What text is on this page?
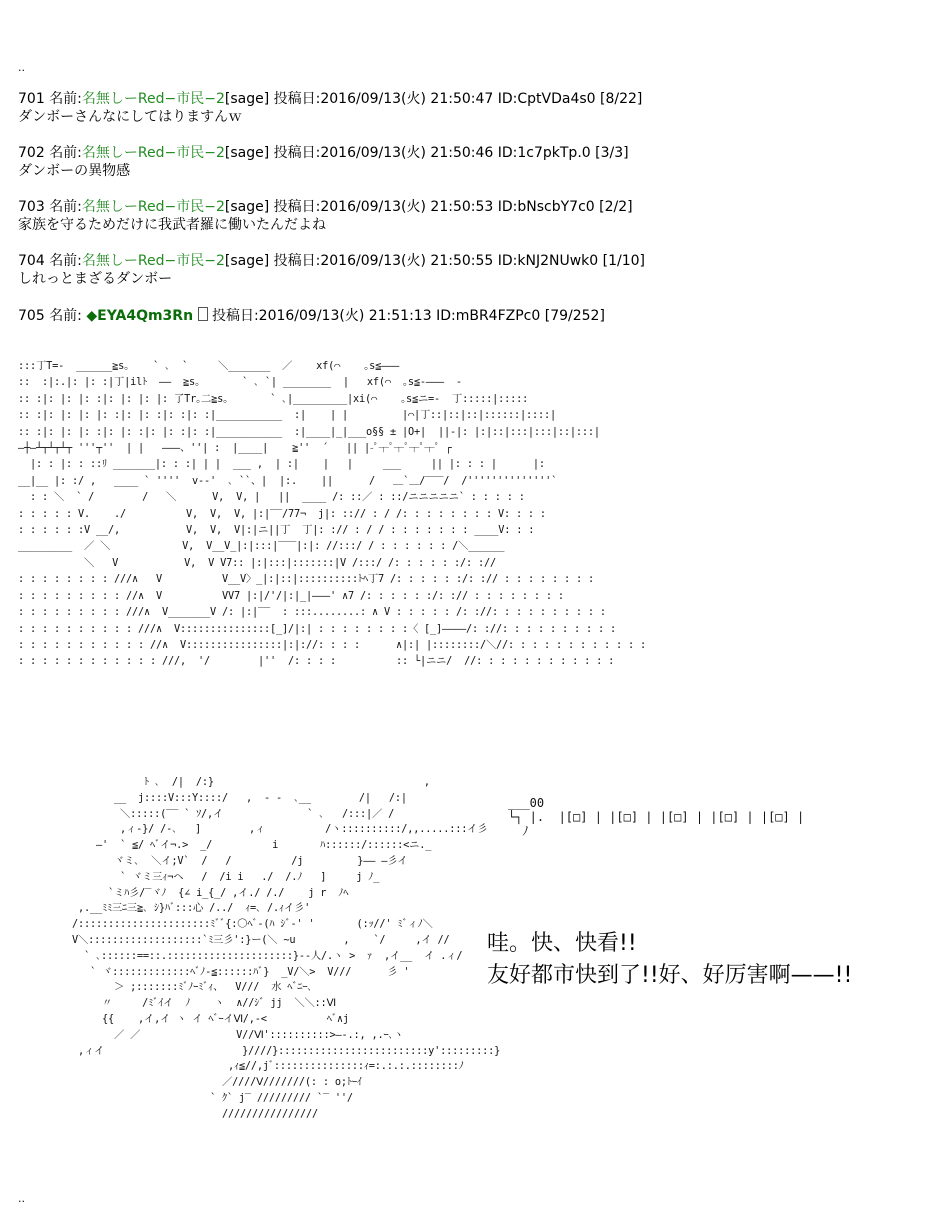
..
701 名前:名無しーRed−市民−2[sage] 投稿日:2016/09/13(火) 21:50:47 ID:CptVDa4s0 [8/22]
ダンボーさんなにしてはりますんｗ
702 名前:名無しーRed−市民−2[sage] 投稿日:2016/09/13(火) 21:50:46 ID:1c7pkTp.0 [3/3]
ダンボーの異物感
703 名前:名無しーRed−市民−2[sage] 投稿日:2016/09/13(火) 21:50:53 ID:bNscbY7c0 [2/2]
家族を守るためだけに我武者羅に働いたんだよね
704 名前:名無しーRed−市民−2[sage] 投稿日:2016/09/13(火) 21:50:55 ID:kNJ2NUwk0 [1/10]
しれっとまざるダンボー
705 名前: ◆EYA4Qm3Rn 投稿日:2016/09/13(火) 21:51:13 ID:mBR4FZPc0 [79/252]
:::丁T=-  ______≧s｡    ` ､  `     ＼_______  ／    xf(⌒    ｡s≦―――
::  :|:.|: |: :|丁|ilﾄ  ――  ≧s｡       ` ､ `| ________  |   xf(⌒  ｡s≦-―――  -
:: :|: |: |: :|: |: |: |: 了Tr｡二≧s｡       ` ､|_________|xi(⌒    ｡s≦ニ=-  丁:::::|:::::
:: :|: |: |: |: :|: |: :|: :|: :|___________  :|    | |         |⌒|丁::|::|::|::::::|::::|
:: :|: |: |: :|: |: :|: |: :|: :|___________  :|____|_|___o§§ ± |O+|  ||-|: |:|::|:::|:::|::|:::|
―┼―┴┬┴┬┴┬ '''┬''  | |   ―――、''| :  |____|    ≧''  ´   || |-ﾟ┬ﾟ┬ﾟ┬ﾟ┬ﾟ ┌
|: : |: : ::ﾘ _______|: : :| | |  ___ ,  | :|    |   |     ___     || |: : : |      |:
__|__ |: :/ ,   ____ ` ''''  v--'  ､ ``、|  |:.    ||      /   ＿`＿/‾‾‾/  /''''''''''''''`
: : ＼  ` /        /   ＼      V,  V, |   ||  ____ /: ::／ : ::/ニニニニニ` : : : : :
: : : : : V.    ./          V,  V,  V, |:|‾‾/77¬  j|: ::// : / /: : : : : : : : V: : : :
: : : : : :V __/,           V,  V,  V|:|ニ||丁  丁|: :// : / / : : : : : : : ____V: : :
_________  ／ ＼            V,  V__V_|:|:::|‾‾‾|:|: //:::/ / : : : : : : /＼______
＼   V           V,  V V7:: |:|:::|:::::::|V /:::/ /: : : : : :/: ://
: : : : : : : : ///∧   V          V__V〉_|:|::|::::::::::ﾄﾍ丁7 /: : : : : :/: :// : : : : : : : :
: : : : : : : : : //∧  V          VV7 |:|/'/|:|_|―――' ∧7 /: : : : : :/: :// : : : : : : : :
: : : : : : : : : ///∧  V_______V /: |:|‾‾  : :::........: ∧ V : : : : : /: ://: : : : : : : : : :
: : : : : : : : : : ///∧  V:::::::::::::::[_]/|:| : : : : : : : :〈 [_]――――/: ://: : : : : : : : : :
: : : : : : : : : : : //∧  V::::::::::::::::|:|://: : : :      ∧|:| |::::::::/＼//: : : : : : : : : : : :
: : : : : : : : : : : : ///,  '/        |''  /: : : :          :: └|ニニ/  //: : : : : : : : : : : :
ﾄ ､  /|  /:}                                   ,
__  j::::V:::Y::::/   ,  - -  ､__        /|   /:|
＼:::::(‾‾ ` ｿ/,イ              ` ､   /:::|／ /
,ィ-}/ /-､   ]        ,ィ          /ヽ::::::::::/,,.....:::イ彡
―'  ` ≦/ ﾍﾞイ¬.>  _/          i       ﾊ::::::/::::::<ニ._
ヾミ､  ＼イ;V`  /   /          /j         }―― ―彡イ
` ヾミ三ｨ¬ヘ   /  /i i   ./  /.ﾉ   ]     j ﾉ_
`ミﾊ彡/‾ヾﾉ  {∠ i_{_/ ,イ./ /./    j r  ﾉﾍ
,.__ﾐﾐ三ﾆ三≧､ ｼ}ﾊﾞ:::心 /../  ｨ=､ /.ｨイ彡'
/::::::::::::::::::::::ﾐﾞﾞ{:〇ﾍﾞ-(ﾊ ｼﾞ-' '       (:ｯ//' ﾐﾞィﾉ＼
V＼:::::::::::::::::::`ﾐ三彡':}ー(＼ ~u        ,    `/     ,イ //
` ､::::::==::.:::::::::::::::::::::}--人/.ヽ >  ｧ  ,イ__  イ .ィ/
` ヾ:::::::::::::ﾍﾞﾉ-≦::::::ﾊﾞ}  _V/＼>  V///      彡 '
＞ ;:::::::ﾐﾞﾉｰﾐﾞｨ、  V///  水 ﾍﾞﾆｰ､
〃     /ﾐﾞｲイ  ﾉ    ヽ  ∧//ｼﾞ jj  ＼＼::Ⅵ
{{    ,イ,イ ヽ イ ﾍﾞｰイⅥ/,-<          ﾍﾞ∧j
／ ／                V//Ⅵ'::::::::::>―-.:, ,.ｰ､ヽ
,ィイ                       }////}:::::::::::::::::::::::::y':::::::::}
,ｨ≦//,jﾞ:::::::::::::::ｨ=:.:.:.::::::::ﾉ
／////Ⅴ///////(: : o;ﾄｰｲ
` ｸ` j‾ ///////// `‾ ''/
////////////////
___00
└┐ |.  |[□] | |[□] | |[□] | |[□] | |[□] |
ﾉ
哇。快、快看!!
友好都市快到了!!好、好厉害啊——!!
..
